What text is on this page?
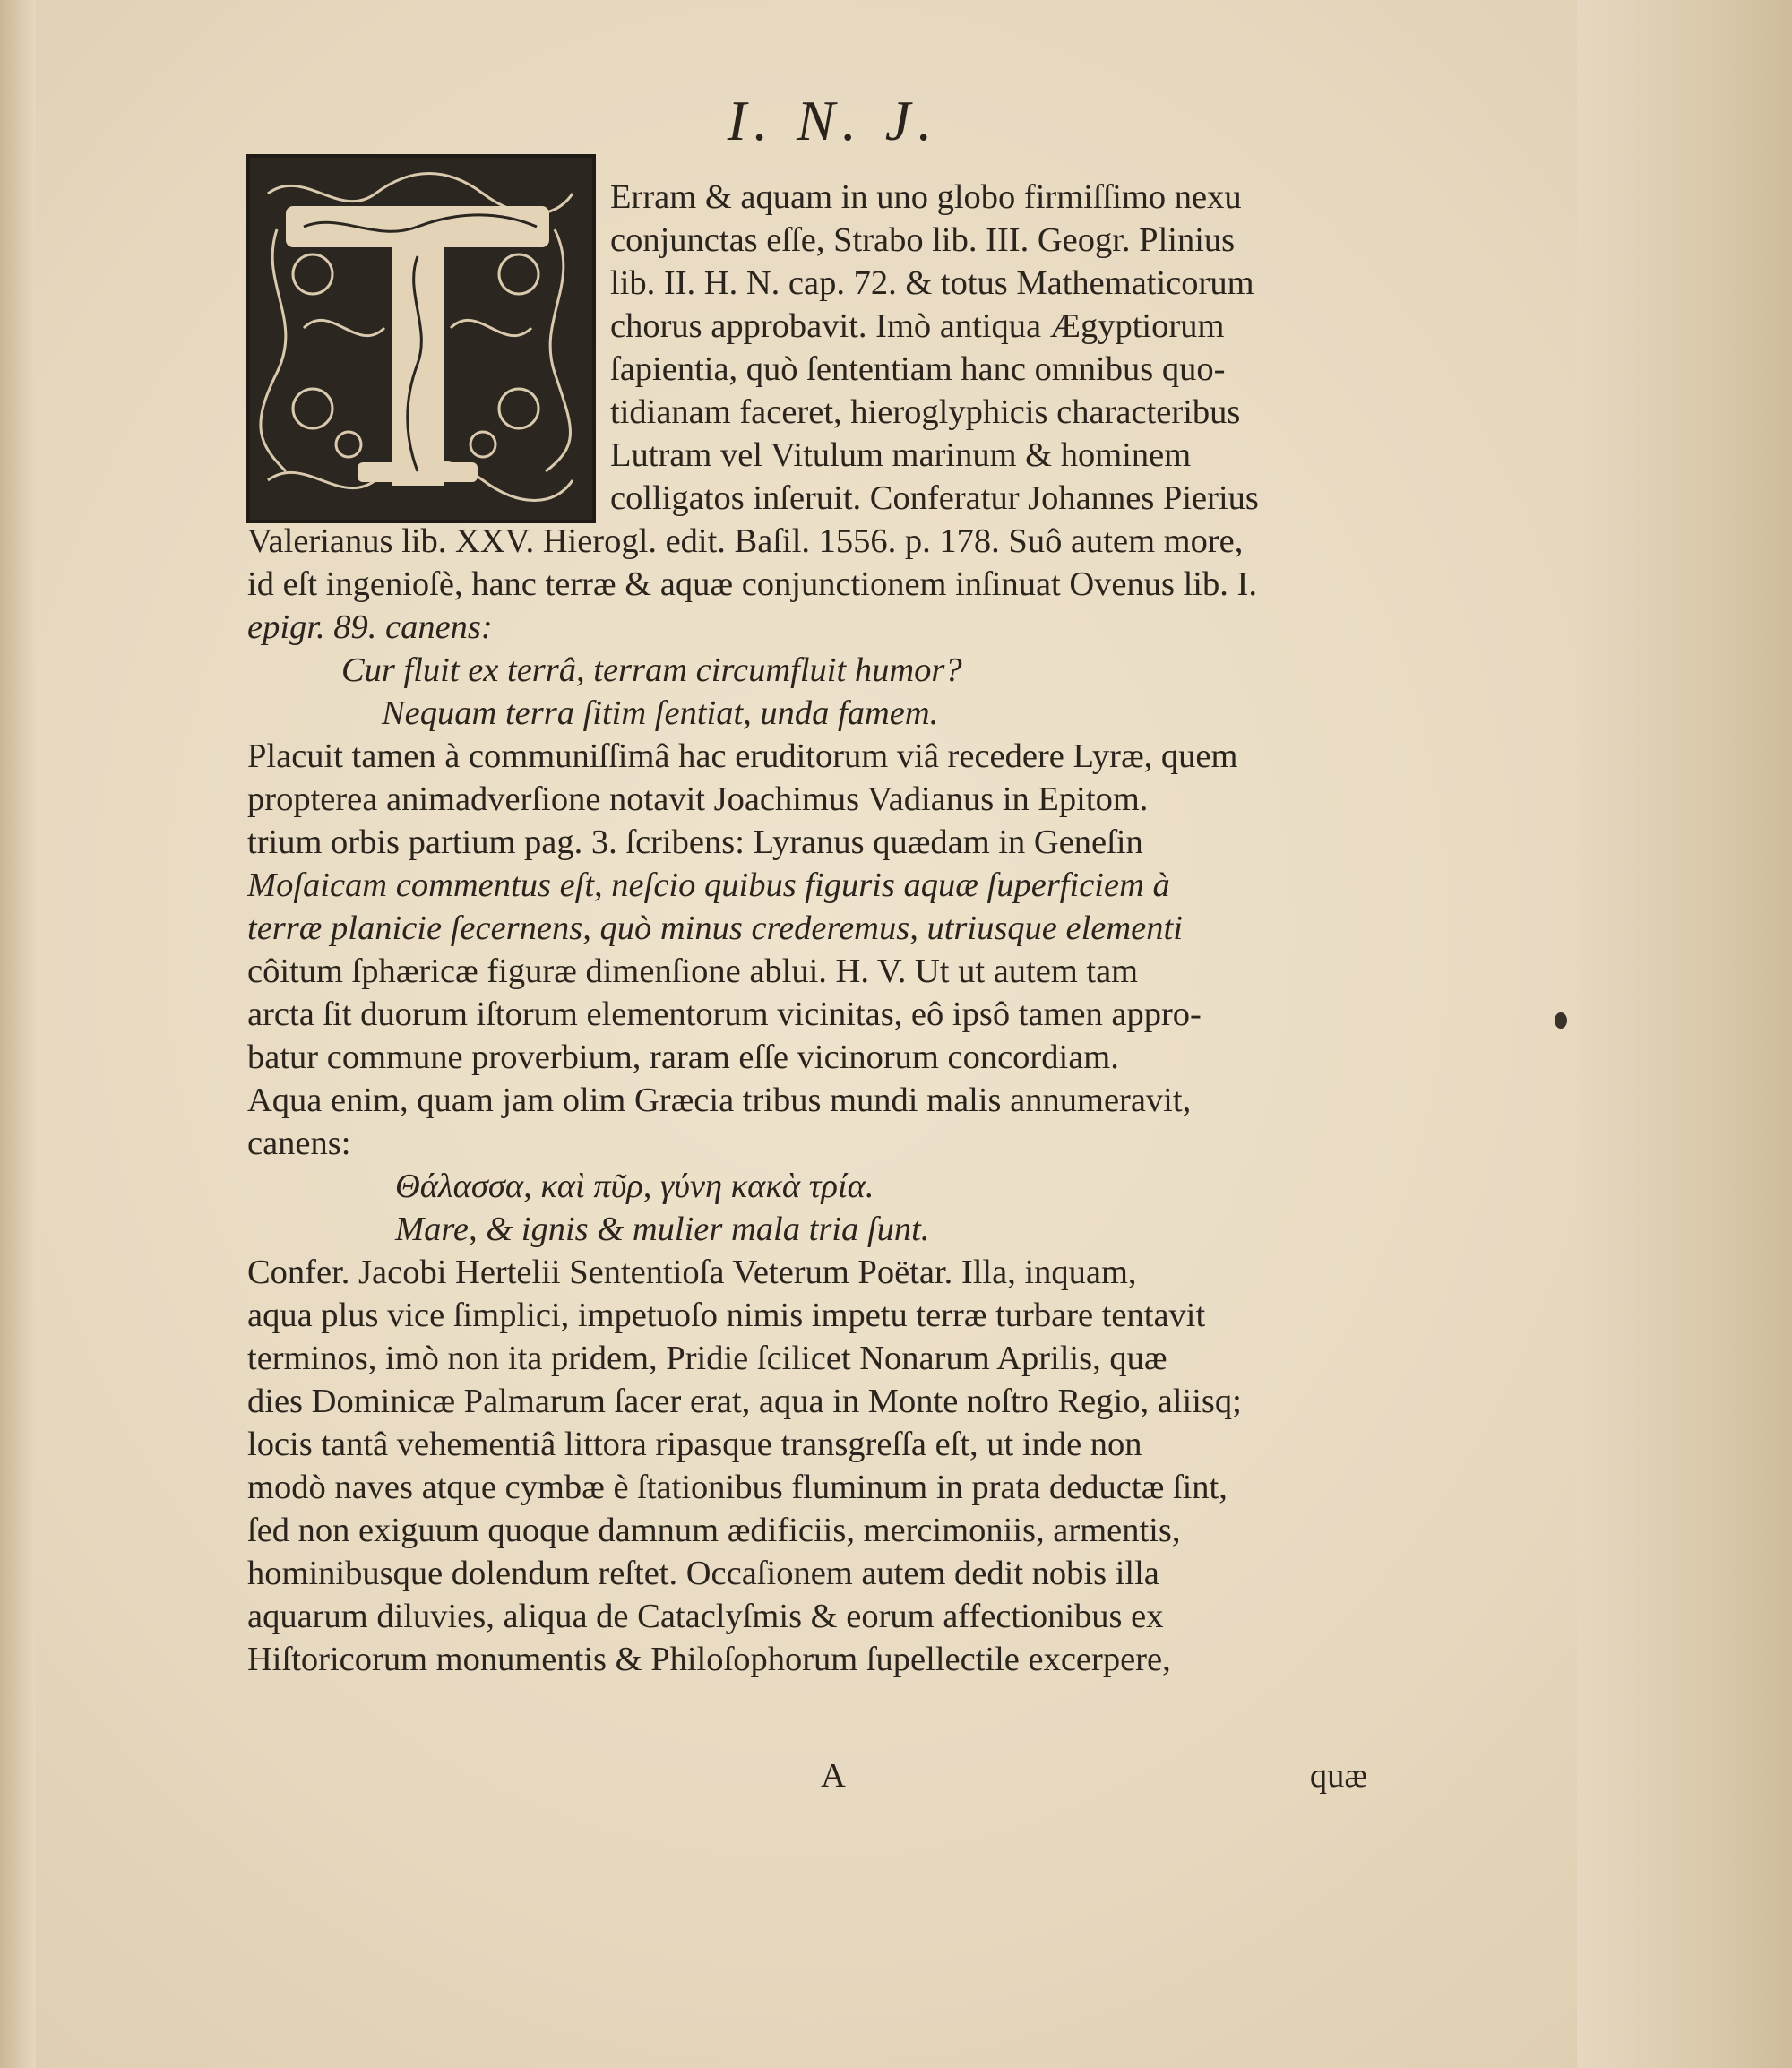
I. N. J.
Erram & aquam in uno globo firmiſſimo nexu
conjunctas eſſe, Strabo lib. III. Geogr. Plinius
lib. II. H. N. cap. 72. & totus Mathematicorum
chorus approbavit. Imò antiqua Ægyptiorum
ſapientia, quò ſententiam hanc omnibus quo-
tidianam faceret, hieroglyphicis characteribus
Lutram vel Vitulum marinum & hominem
colligatos inſeruit. Conferatur Johannes Pierius
Valerianus lib. XXV. Hierogl. edit. Baſil. 1556. p. 178. Suô autem more,
id eſt ingenioſè, hanc terræ & aquæ conjunctionem inſinuat Ovenus lib. I.
epigr. 89. canens:
Cur fluit ex terrâ, terram circumfluit humor?
Nequam terra ſitim ſentiat, unda famem.
Placuit tamen à communiſſimâ hac eruditorum viâ recedere Lyræ, quem
propterea animadverſione notavit Joachimus Vadianus in Epitom.
trium orbis partium pag. 3. ſcribens: Lyranus quædam in Geneſin
Moſaicam commentus eſt, neſcio quibus figuris aquæ ſuperficiem à
terræ planicie ſecernens, quò minus crederemus, utriusque elementi
côitum ſphæricæ figuræ dimenſione ablui. H. V. Ut ut autem tam
arcta ſit duorum iſtorum elementorum vicinitas, eô ipsô tamen appro-
batur commune proverbium, raram eſſe vicinorum concordiam.
Aqua enim, quam jam olim Græcia tribus mundi malis annumeravit,
canens:
Θάλασσα, καὶ πῦρ, γύνη κακὰ τρία.
Mare, & ignis & mulier mala tria ſunt.
Confer. Jacobi Hertelii Sententioſa Veterum Poëtar. Illa, inquam,
aqua plus vice ſimplici, impetuoſo nimis impetu terræ turbare tentavit
terminos, imò non ita pridem, Pridie ſcilicet Nonarum Aprilis, quæ
dies Dominicæ Palmarum ſacer erat, aqua in Monte noſtro Regio, aliisq;
locis tantâ vehementiâ littora ripasque transgreſſa eſt, ut inde non
modò naves atque cymbæ è ſtationibus fluminum in prata deductæ ſint,
ſed non exiguum quoque damnum ædificiis, mercimoniis, armentis,
hominibusque dolendum reſtet. Occaſionem autem dedit nobis illa
aquarum diluvies, aliqua de Cataclyſmis & eorum affectionibus ex
Hiſtoricorum monumentis & Philoſophorum ſupellectile excerpere,
A	quæ
